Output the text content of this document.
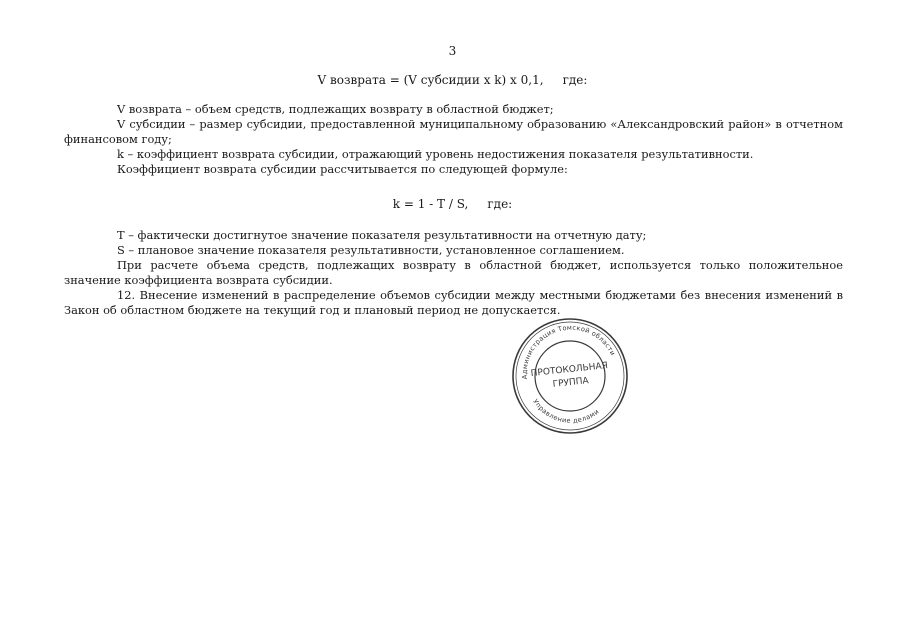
3
V возврата = (V субсидии x k) x 0,1,     где:

V возврата – объем средств, подлежащих возврату в областной бюджет;

V субсидии – размер субсидии, предоставленной муниципальному образованию «Александровский район» в отчетном финансовом году;

k – коэффициент возврата субсидии, отражающий уровень недостижения показателя результативности.

Коэффициент возврата субсидии рассчитывается по следующей формуле:

k = 1 - T / S,     где:

T – фактически достигнутое значение показателя результативности на отчетную дату;

S – плановое значение показателя результативности, установленное соглашением.

При расчете объема средств, подлежащих возврату в областной бюджет, используется только положительное значение коэффициента возврата субсидии.

12. Внесение изменений в распределение объемов субсидии между местными бюджетами без внесения изменений в Закон об областном бюджете на текущий год и плановый период не допускается.

Администрация Томской области
Управление делами
ПРОТОКОЛЬНАЯ
ГРУППА
